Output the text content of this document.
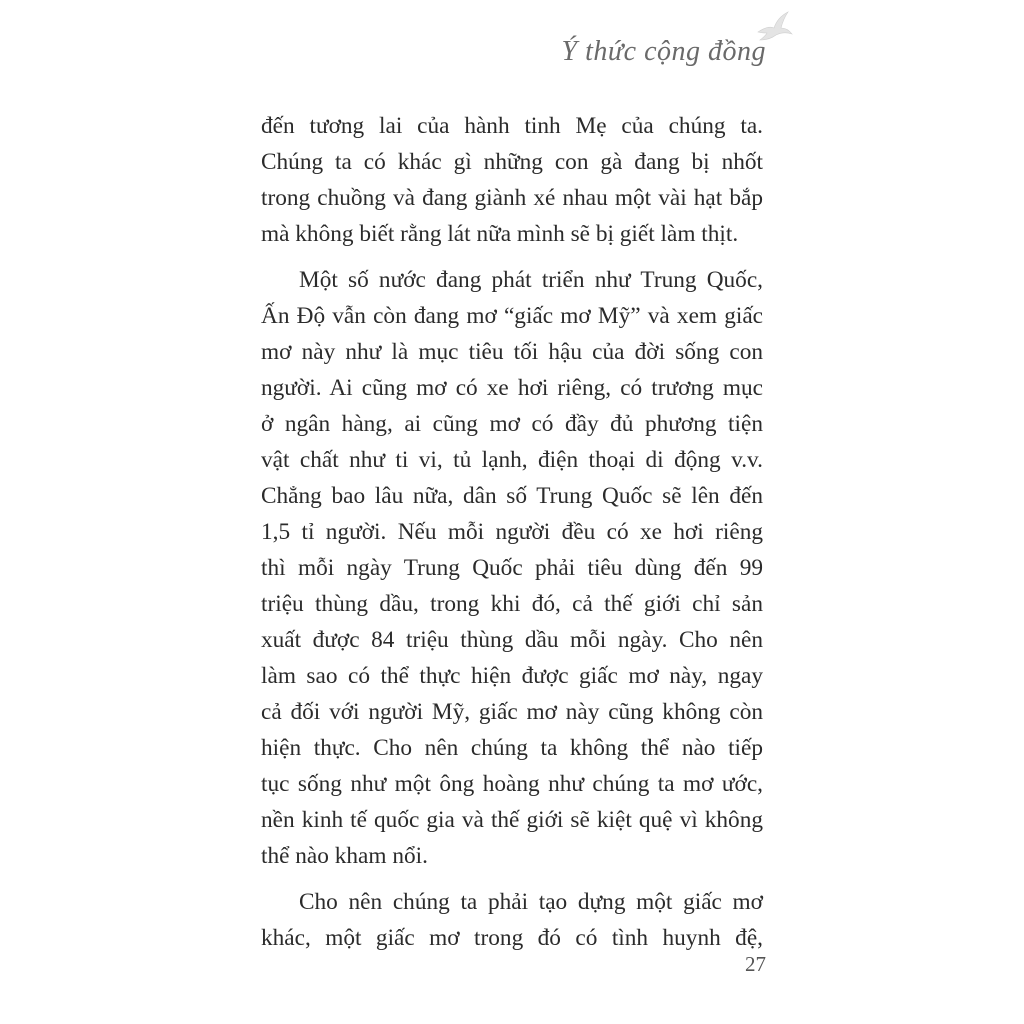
Ý thức cộng đồng

đến tương lai của hành tinh Mẹ của chúng ta.
Chúng ta có khác gì những con gà đang bị nhốt
trong chuồng và đang giành xé nhau một vài hạt bắp
mà không biết rằng lát nữa mình sẽ bị giết làm thịt.

Một số nước đang phát triển như Trung Quốc,
Ấn Độ vẫn còn đang mơ “giấc mơ Mỹ” và xem giấc
mơ này như là mục tiêu tối hậu của đời sống con
người. Ai cũng mơ có xe hơi riêng, có trương mục
ở ngân hàng, ai cũng mơ có đầy đủ phương tiện
vật chất như ti vi, tủ lạnh, điện thoại di động v.v.
Chẳng bao lâu nữa, dân số Trung Quốc sẽ lên đến
1,5 tỉ người. Nếu mỗi người đều có xe hơi riêng
thì mỗi ngày Trung Quốc phải tiêu dùng đến 99
triệu thùng dầu, trong khi đó, cả thế giới chỉ sản
xuất được 84 triệu thùng dầu mỗi ngày. Cho nên
làm sao có thể thực hiện được giấc mơ này, ngay
cả đối với người Mỹ, giấc mơ này cũng không còn
hiện thực. Cho nên chúng ta không thể nào tiếp
tục sống như một ông hoàng như chúng ta mơ ước,
nền kinh tế quốc gia và thế giới sẽ kiệt quệ vì không
thể nào kham nổi.

Cho nên chúng ta phải tạo dựng một giấc mơ
khác, một giấc mơ trong đó có tình huynh đệ,

27
